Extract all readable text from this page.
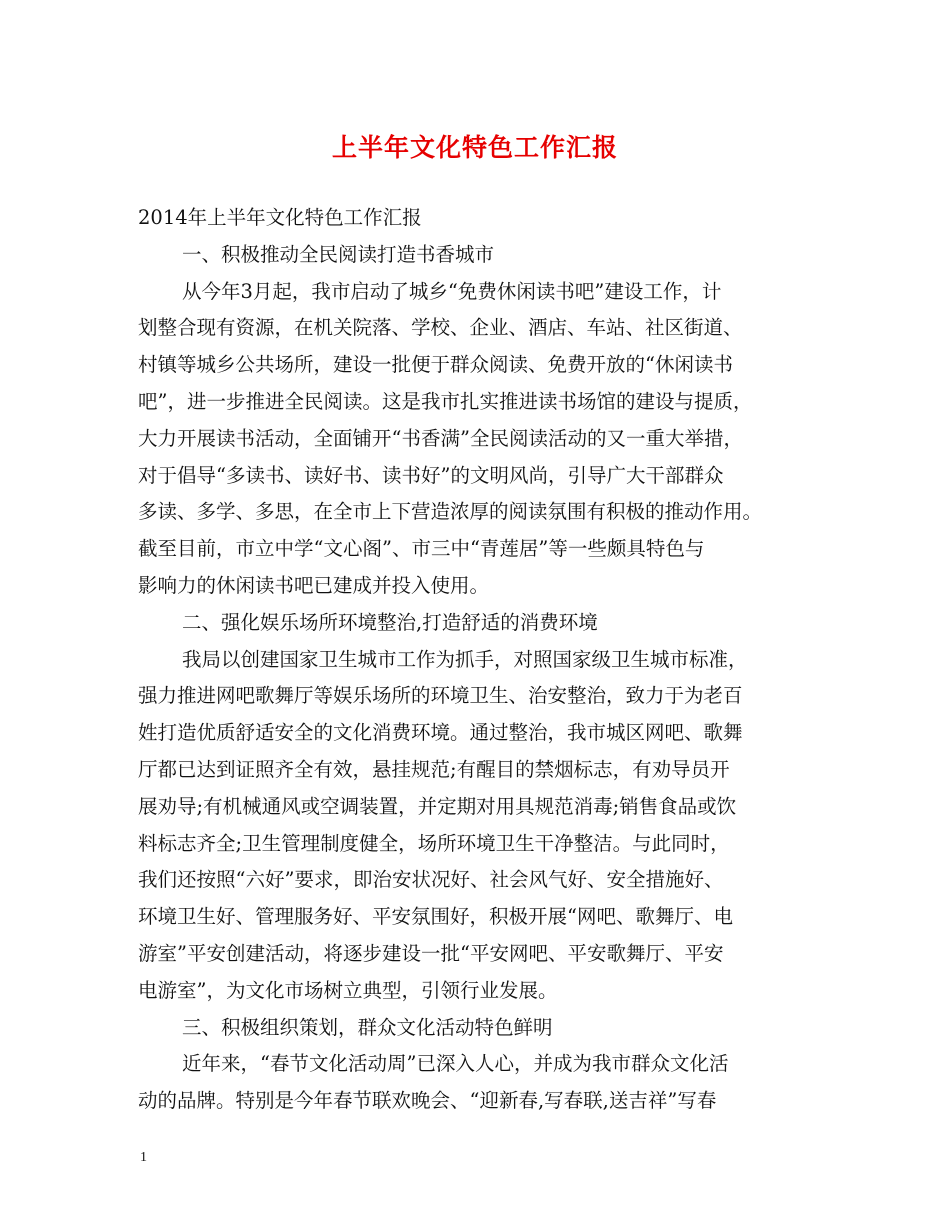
上半年文化特色工作汇报

2014年上半年文化特色工作汇报

一、积极推动全民阅读打造书香城市

从今年3月起，我市启动了城乡“免费休闲读书吧”建设工作，计

划整合现有资源，在机关院落、学校、企业、酒店、车站、社区街道、

村镇等城乡公共场所，建设一批便于群众阅读、免费开放的“休闲读书

吧”，进一步推进全民阅读。这是我市扎实推进读书场馆的建设与提质，

大力开展读书活动，全面铺开“书香满”全民阅读活动的又一重大举措，

对于倡导“多读书、读好书、读书好”的文明风尚，引导广大干部群众

多读、多学、多思，在全市上下营造浓厚的阅读氛围有积极的推动作用。

截至目前，市立中学“文心阁”、市三中“青莲居”等一些颇具特色与

影响力的休闲读书吧已建成并投入使用。

二、强化娱乐场所环境整治,打造舒适的消费环境

我局以创建国家卫生城市工作为抓手，对照国家级卫生城市标准，

强力推进网吧歌舞厅等娱乐场所的环境卫生、治安整治，致力于为老百

姓打造优质舒适安全的文化消费环境。通过整治，我市城区网吧、歌舞

厅都已达到证照齐全有效，悬挂规范;有醒目的禁烟标志，有劝导员开

展劝导;有机械通风或空调装置，并定期对用具规范消毒;销售食品或饮

料标志齐全;卫生管理制度健全，场所环境卫生干净整洁。与此同时，

我们还按照“六好”要求，即治安状况好、社会风气好、安全措施好、

环境卫生好、管理服务好、平安氛围好，积极开展“网吧、歌舞厅、电

游室”平安创建活动，将逐步建设一批“平安网吧、平安歌舞厅、平安

电游室”，为文化市场树立典型，引领行业发展。

三、积极组织策划，群众文化活动特色鲜明

近年来，“春节文化活动周”已深入人心，并成为我市群众文化活

动的品牌。特别是今年春节联欢晚会、“迎新春,写春联,送吉祥”写春

1
